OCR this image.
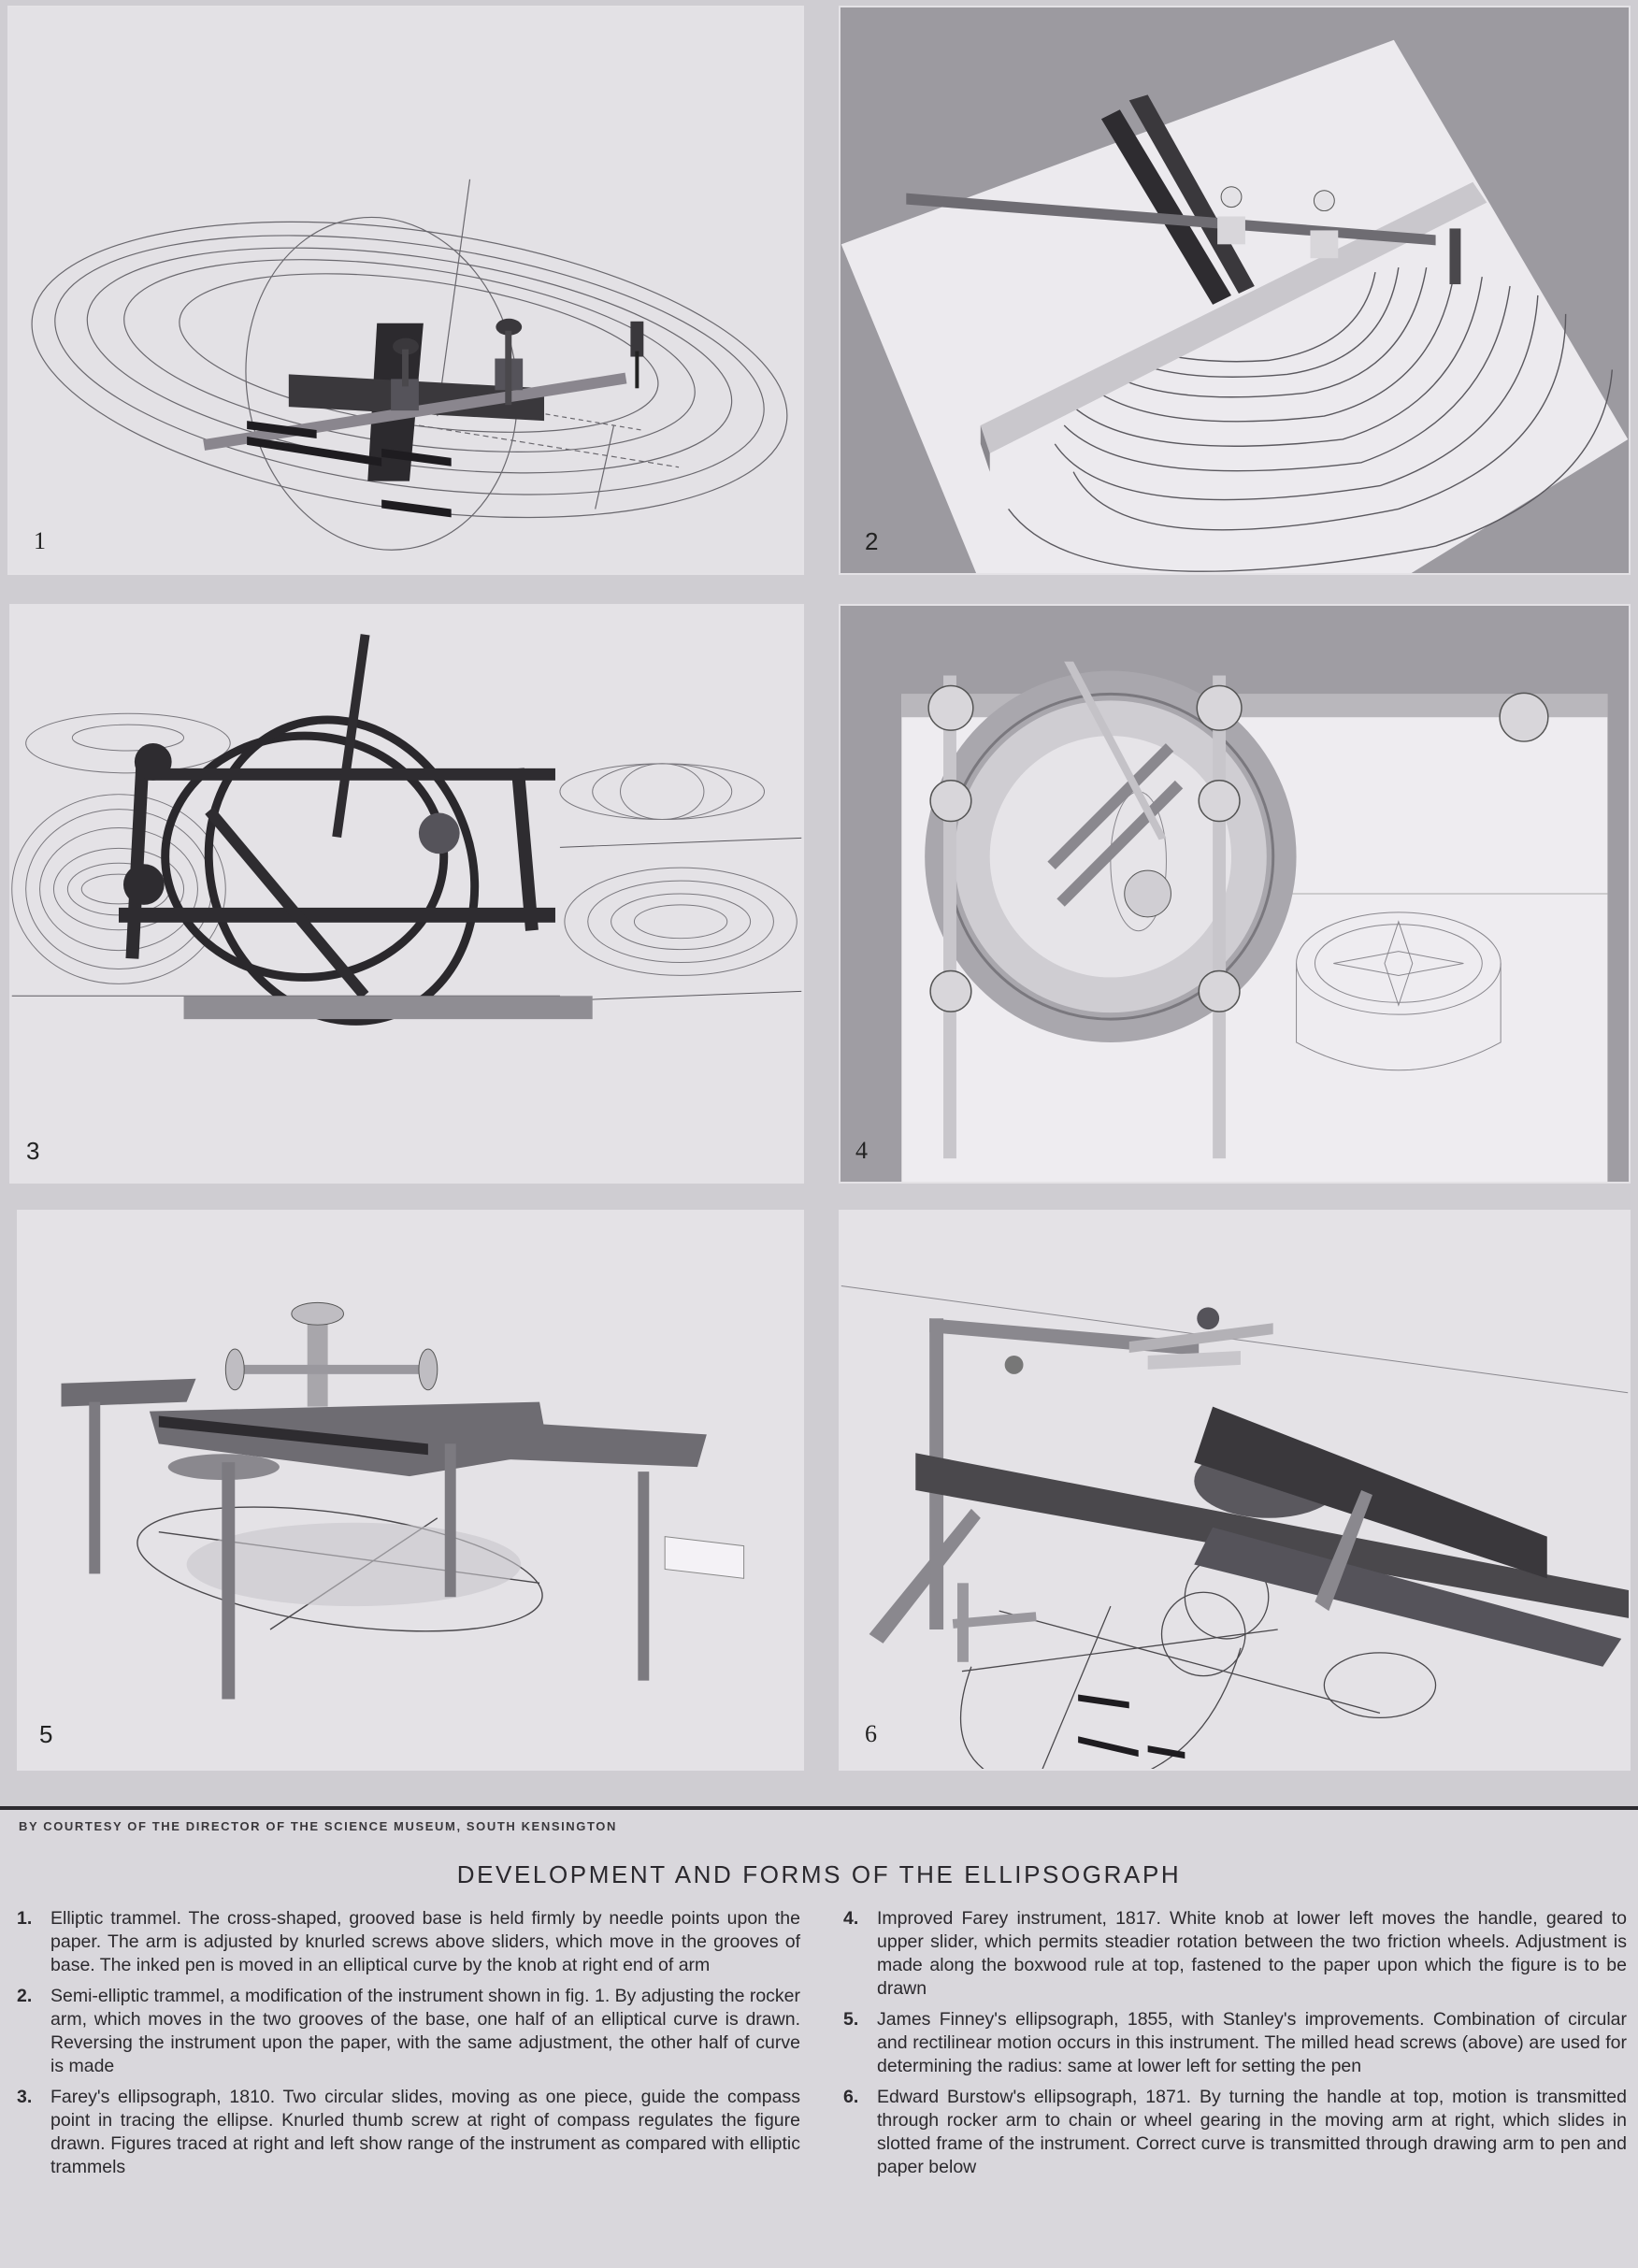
1	2
3	4
5	6
BY COURTESY OF THE DIRECTOR OF THE SCIENCE MUSEUM, SOUTH KENSINGTON
DEVELOPMENT AND FORMS OF THE ELLIPSOGRAPH

1. Elliptic trammel. The cross-shaped, grooved base is held firmly by needle points upon the paper. The arm is adjusted by knurled screws above sliders, which move in the grooves of base. The inked pen is moved in an elliptical curve by the knob at right end of arm

2. Semi-elliptic trammel, a modification of the instrument shown in fig. 1. By adjusting the rocker arm, which moves in the two grooves of the base, one half of an elliptical curve is drawn. Reversing the instrument upon the paper, with the same adjustment, the other half of curve is made

3. Farey's ellipsograph, 1810. Two circular slides, moving as one piece, guide the compass point in tracing the ellipse. Knurled thumb screw at right of compass regulates the figure drawn. Figures traced at right and left show range of the instrument as compared with elliptic trammels

4. Improved Farey instrument, 1817. White knob at lower left moves the handle, geared to upper slider, which permits steadier rotation between the two friction wheels. Adjustment is made along the boxwood rule at top, fastened to the paper upon which the figure is to be drawn

5. James Finney's ellipsograph, 1855, with Stanley's improvements. Combination of circular and rectilinear motion occurs in this instrument. The milled head screws (above) are used for determining the radius: same at lower left for setting the pen

6. Edward Burstow's ellipsograph, 1871. By turning the handle at top, motion is transmitted through rocker arm to chain or wheel gearing in the moving arm at right, which slides in slotted frame of the instrument. Correct curve is transmitted through drawing arm to pen and paper below
